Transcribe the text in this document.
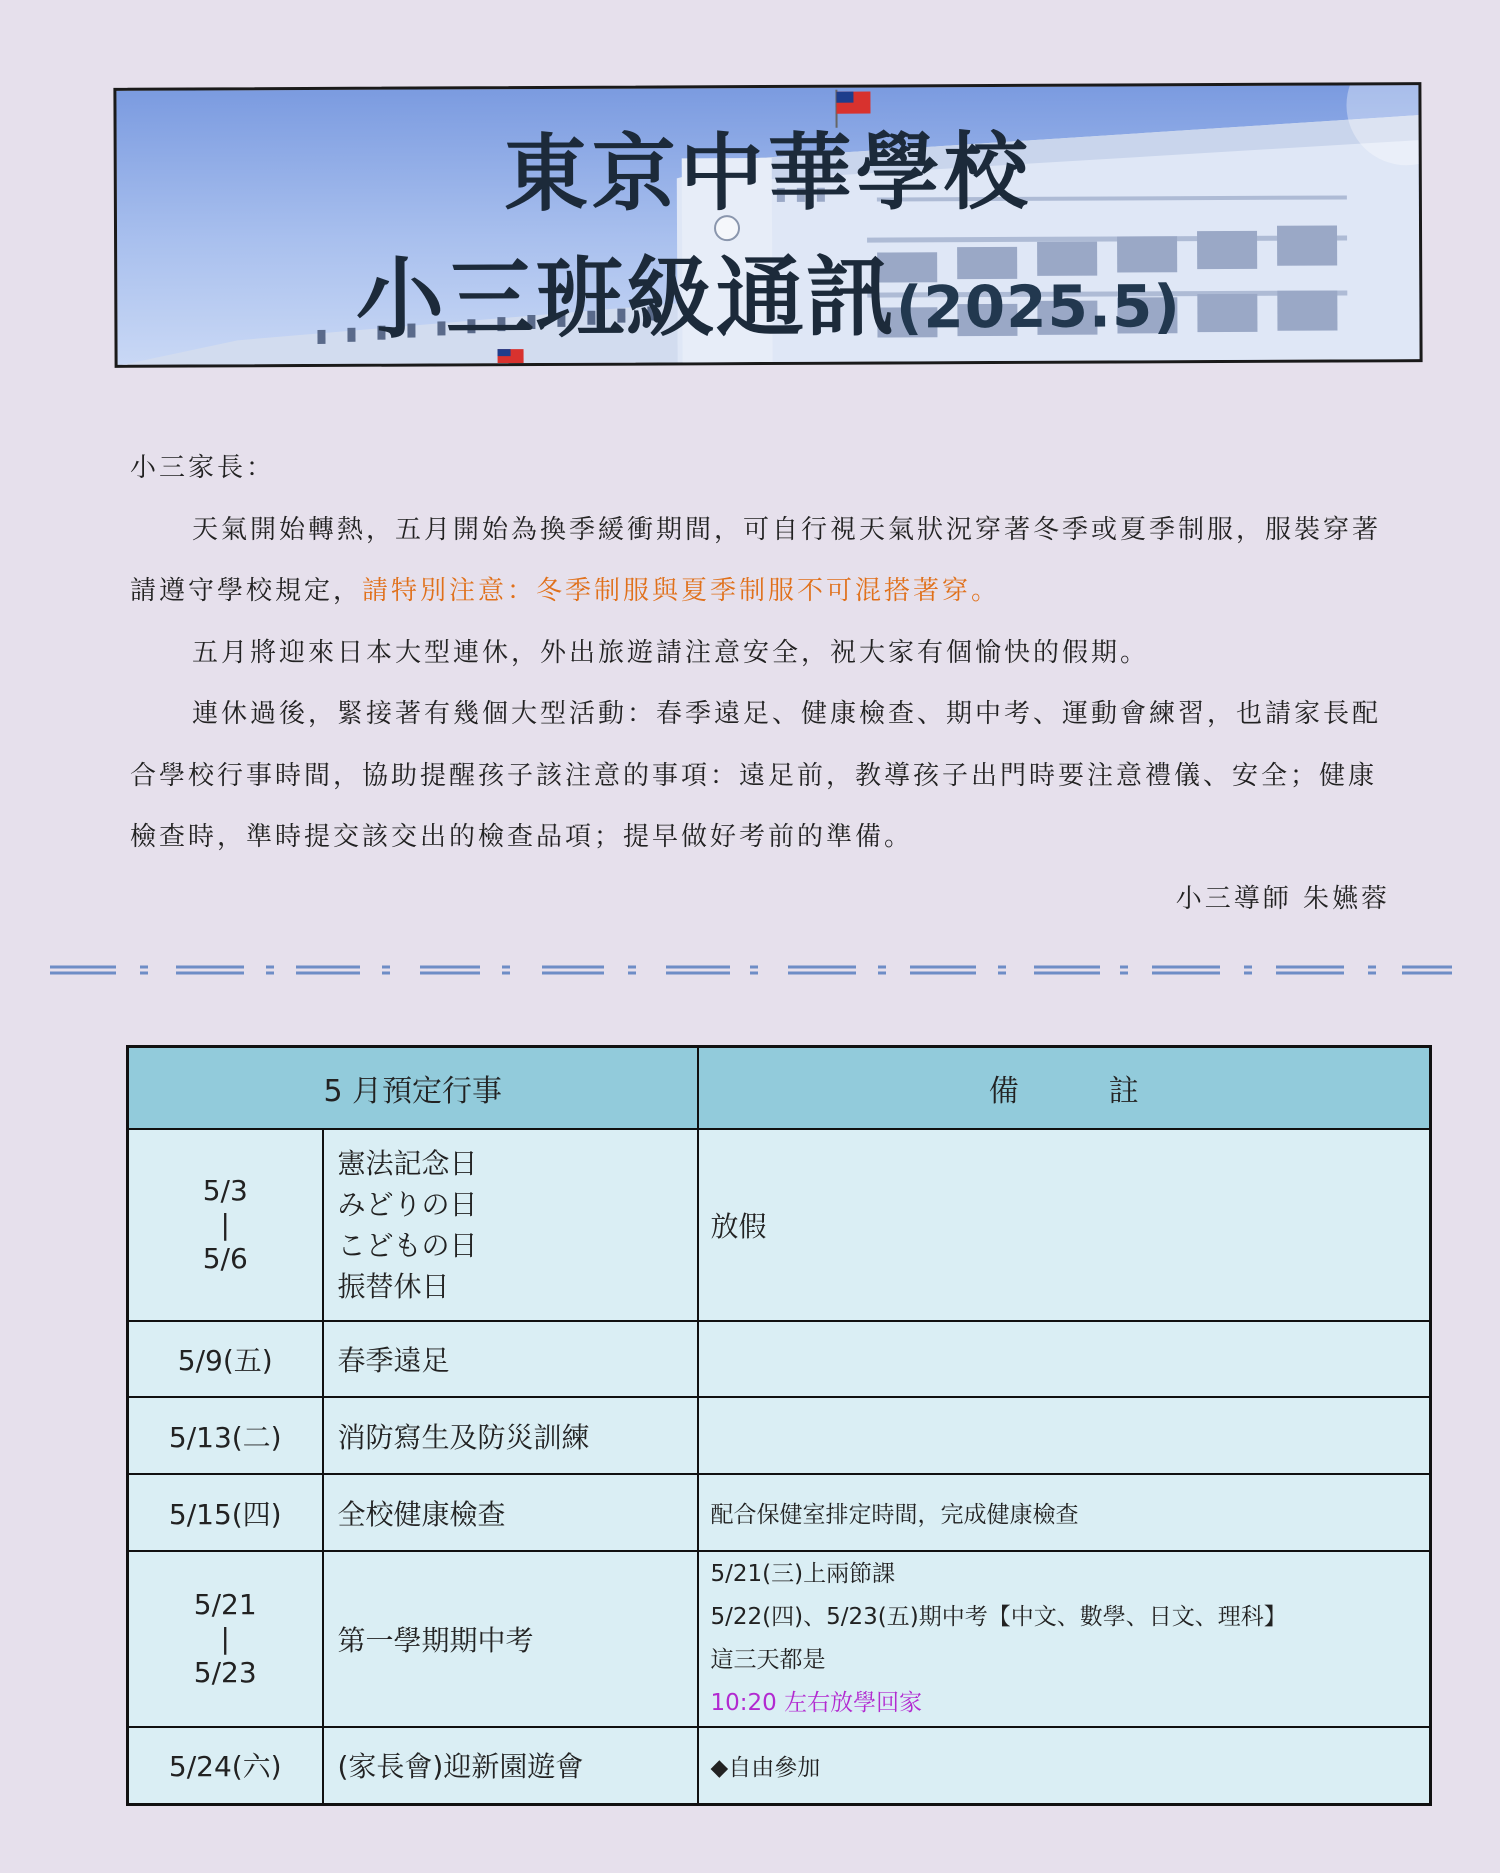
東京中華學校
小三班級通訊(2025.5)

小三家長：

天氣開始轉熱，五月開始為換季緩衝期間，可自行視天氣狀況穿著冬季或夏季制服，服裝穿著請遵守學校規定，請特別注意：冬季制服與夏季制服不可混搭著穿。

五月將迎來日本大型連休，外出旅遊請注意安全，祝大家有個愉快的假期。

連休過後，緊接著有幾個大型活動：春季遠足、健康檢查、期中考、運動會練習，也請家長配合學校行事時間，協助提醒孩子該注意的事項：遠足前，教導孩子出門時要注意禮儀、安全；健康檢查時，準時提交該交出的檢查品項；提早做好考前的準備。

小三導師 朱嬿蓉

5 月預定行事		備　　　註

5/3
|
5/6	憲法記念日
みどりの日
こどもの日
振替休日	放假
5/9(五)	春季遠足	
5/13(二)	消防寫生及防災訓練	
5/15(四)	全校健康檢查	配合保健室排定時間，完成健康檢查

5/21
|
5/23	第一學期期中考	5/21(三)上兩節課
5/22(四)、5/23(五)期中考【中文、數學、日文、理科】
這三天都是
10:20 左右放學回家

5/24(六)	(家長會)迎新園遊會	◆自由參加
